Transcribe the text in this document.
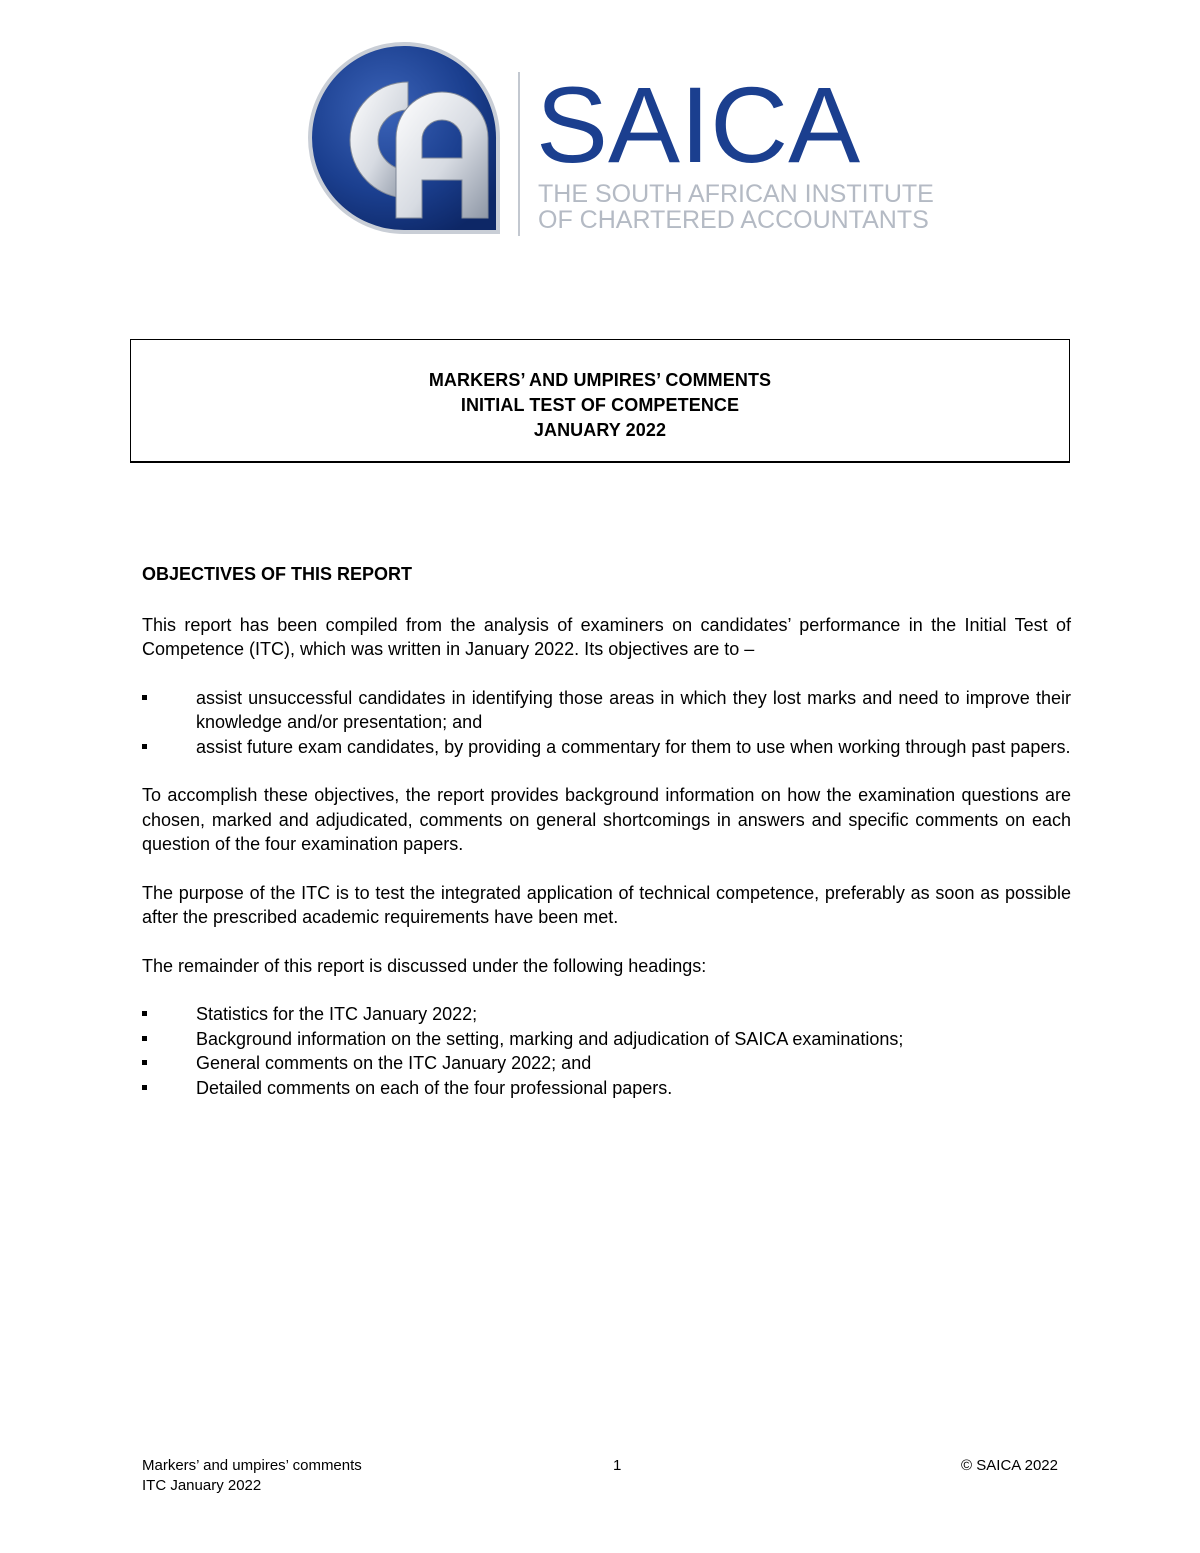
SAICA
THE SOUTH AFRICAN INSTITUTE
OF CHARTERED ACCOUNTANTS
MARKERS’ AND UMPIRES’ COMMENTS
INITIAL TEST OF COMPETENCE
JANUARY 2022
OBJECTIVES OF THIS REPORT

This report has been compiled from the analysis of examiners on candidates’ performance in the Initial Test of Competence (ITC), which was written in January 2022. Its objectives are to –

assist unsuccessful candidates in identifying those areas in which they lost marks and need to improve their knowledge and/or presentation; and
assist future exam candidates, by providing a commentary for them to use when working through past papers.

To accomplish these objectives, the report provides background information on how the examination questions are chosen, marked and adjudicated, comments on general shortcomings in answers and specific comments on each question of the four examination papers.

The purpose of the ITC is to test the integrated application of technical competence, preferably as soon as possible after the prescribed academic requirements have been met.

The remainder of this report is discussed under the following headings:

Statistics for the ITC January 2022;
Background information on the setting, marking and adjudication of SAICA examinations;
General comments on the ITC January 2022; and
Detailed comments on each of the four professional papers.
Markers’ and umpires’ comments
ITC January 2022
1	© SAICA 2022
